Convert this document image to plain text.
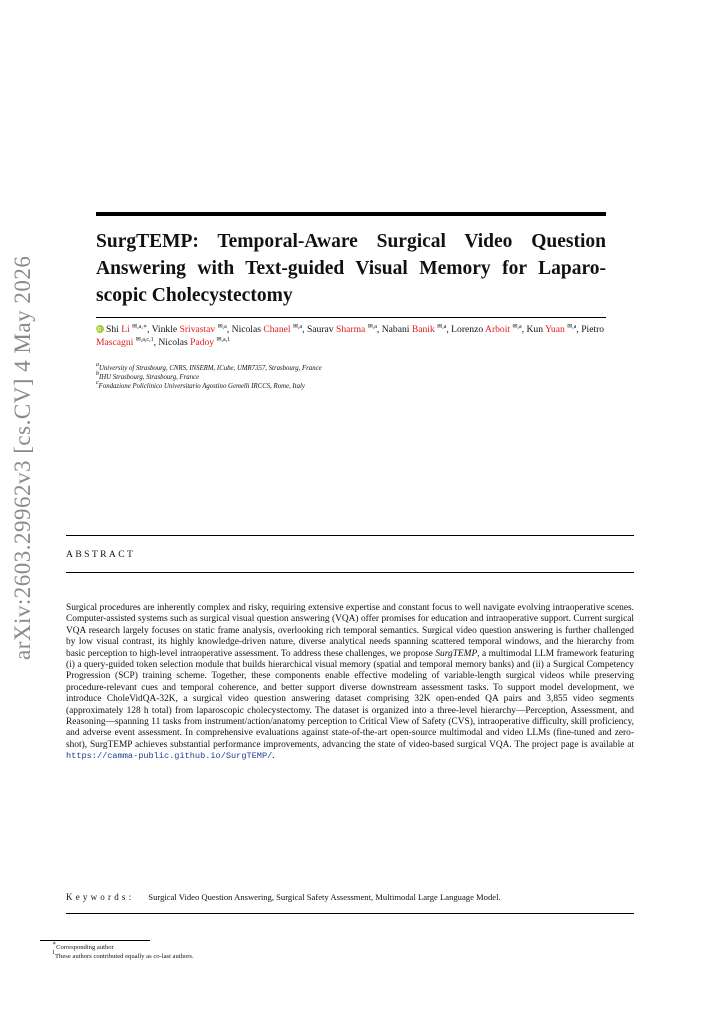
arXiv:2603.29962v3 [cs.CV] 4 May 2026
SurgTEMP: Temporal-Aware Surgical Video Question Answering with Text-guided Visual Memory for Laparo-scopic Cholecystectomy
iDShi Li $^{✉,a,∗}$, Vinkle Srivastav $^{✉,a}$, Nicolas Chanel $^{✉,a}$, Saurav Sharma $^{✉,a}$, Nabani Banik $^{✉,a}$, Lorenzo Arboit $^{✉,a}$, Kun Yuan $^{✉,a}$, Pietro Mascagni $^{✉,a,c,1}$, Nicolas Padoy $^{✉,a,1}$
$^a$University of Strasbourg, CNRS, INSERM, ICube, UMR7357, Strasbourg, France
$^b$IHU Strasbourg, Strasbourg, France
$^c$Fondazione Policlinico Universitario Agostino Gemelli IRCCS, Rome, Italy
ABSTRACT
Surgical procedures are inherently complex and risky, requiring extensive expertise and constant focus to well navigate evolving intraoperative scenes. Computer-assisted systems such as surgical visual question answering (VQA) offer promises for education and intraoperative support. Current surgical VQA research largely focuses on static frame analysis, overlooking rich temporal semantics. Surgical video question answering is further challenged by low visual contrast, its highly knowledge-driven nature, diverse analytical needs spanning scattered temporal windows, and the hierarchy from basic perception to high-level intraoperative assessment. To address these challenges, we propose SurgTEMP, a multimodal LLM framework featuring (i) a query-guided token selection module that builds hierarchical visual memory (spatial and temporal memory banks) and (ii) a Surgical Competency Progression (SCP) training scheme. Together, these components enable effective modeling of variable-length surgical videos while preserving procedure-relevant cues and temporal coherence, and better support diverse downstream assessment tasks. To support model development, we introduce CholeVidQA-32K, a surgical video question answering dataset comprising 32K open-ended QA pairs and 3,855 video segments (approximately 128 h total) from laparoscopic cholecystectomy. The dataset is organized into a three-level hierarchy—Perception, Assessment, and Reasoning—spanning 11 tasks from instrument/action/anatomy perception to Critical View of Safety (CVS), intraoperative difficulty, skill proficiency, and adverse event assessment. In comprehensive evaluations against state-of-the-art open-source multimodal and video LLMs (fine-tuned and zero-shot), SurgTEMP achieves substantial performance improvements, advancing the state of video-based surgical VQA. The project page is available at https://camma-public.github.io/SurgTEMP/.
Keywords: Surgical Video Question Answering, Surgical Safety Assessment, Multimodal Large Language Model.
∗Corresponding author
$^1$These authors contributed equally as co-last authors.
